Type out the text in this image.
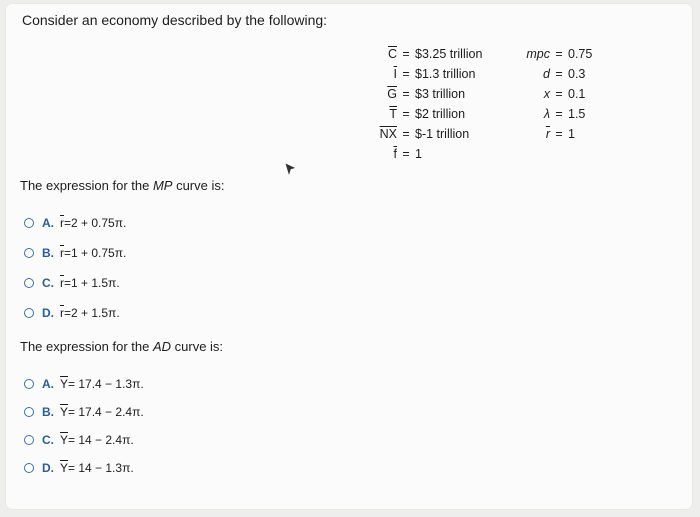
Consider an economy described by the following:
$\overline{C}$ = $3.25 trillion
$\overline{I}$ = $1.3 trillion
$\overline{G}$ = $3 trillion
$\overline{T}$ = $2 trillion
$\overline{NX}$ = $-1 trillion
$\overline{f} = 1$
mpc = 0.75
d = 0.3
x = 0.1
λ = 1.5
$\overline{r} = 1$
The expression for the MP curve is:
A. $\overline{r} =2 + 0.75\pi$.
B. $\overline{r} =1 + 0.75\pi$.
C. $\overline{r} =1 + 1.5\pi$.
D. $\overline{r} =2 + 1.5\pi$.
The expression for the AD curve is:
A. $\overline{Y} = 17.4 - 1.3\pi$.
B. $\overline{Y} = 17.4 - 2.4\pi$.
C. $\overline{Y} = 14 - 2.4\pi$.
D. $\overline{Y} = 14 - 1.3\pi$.
